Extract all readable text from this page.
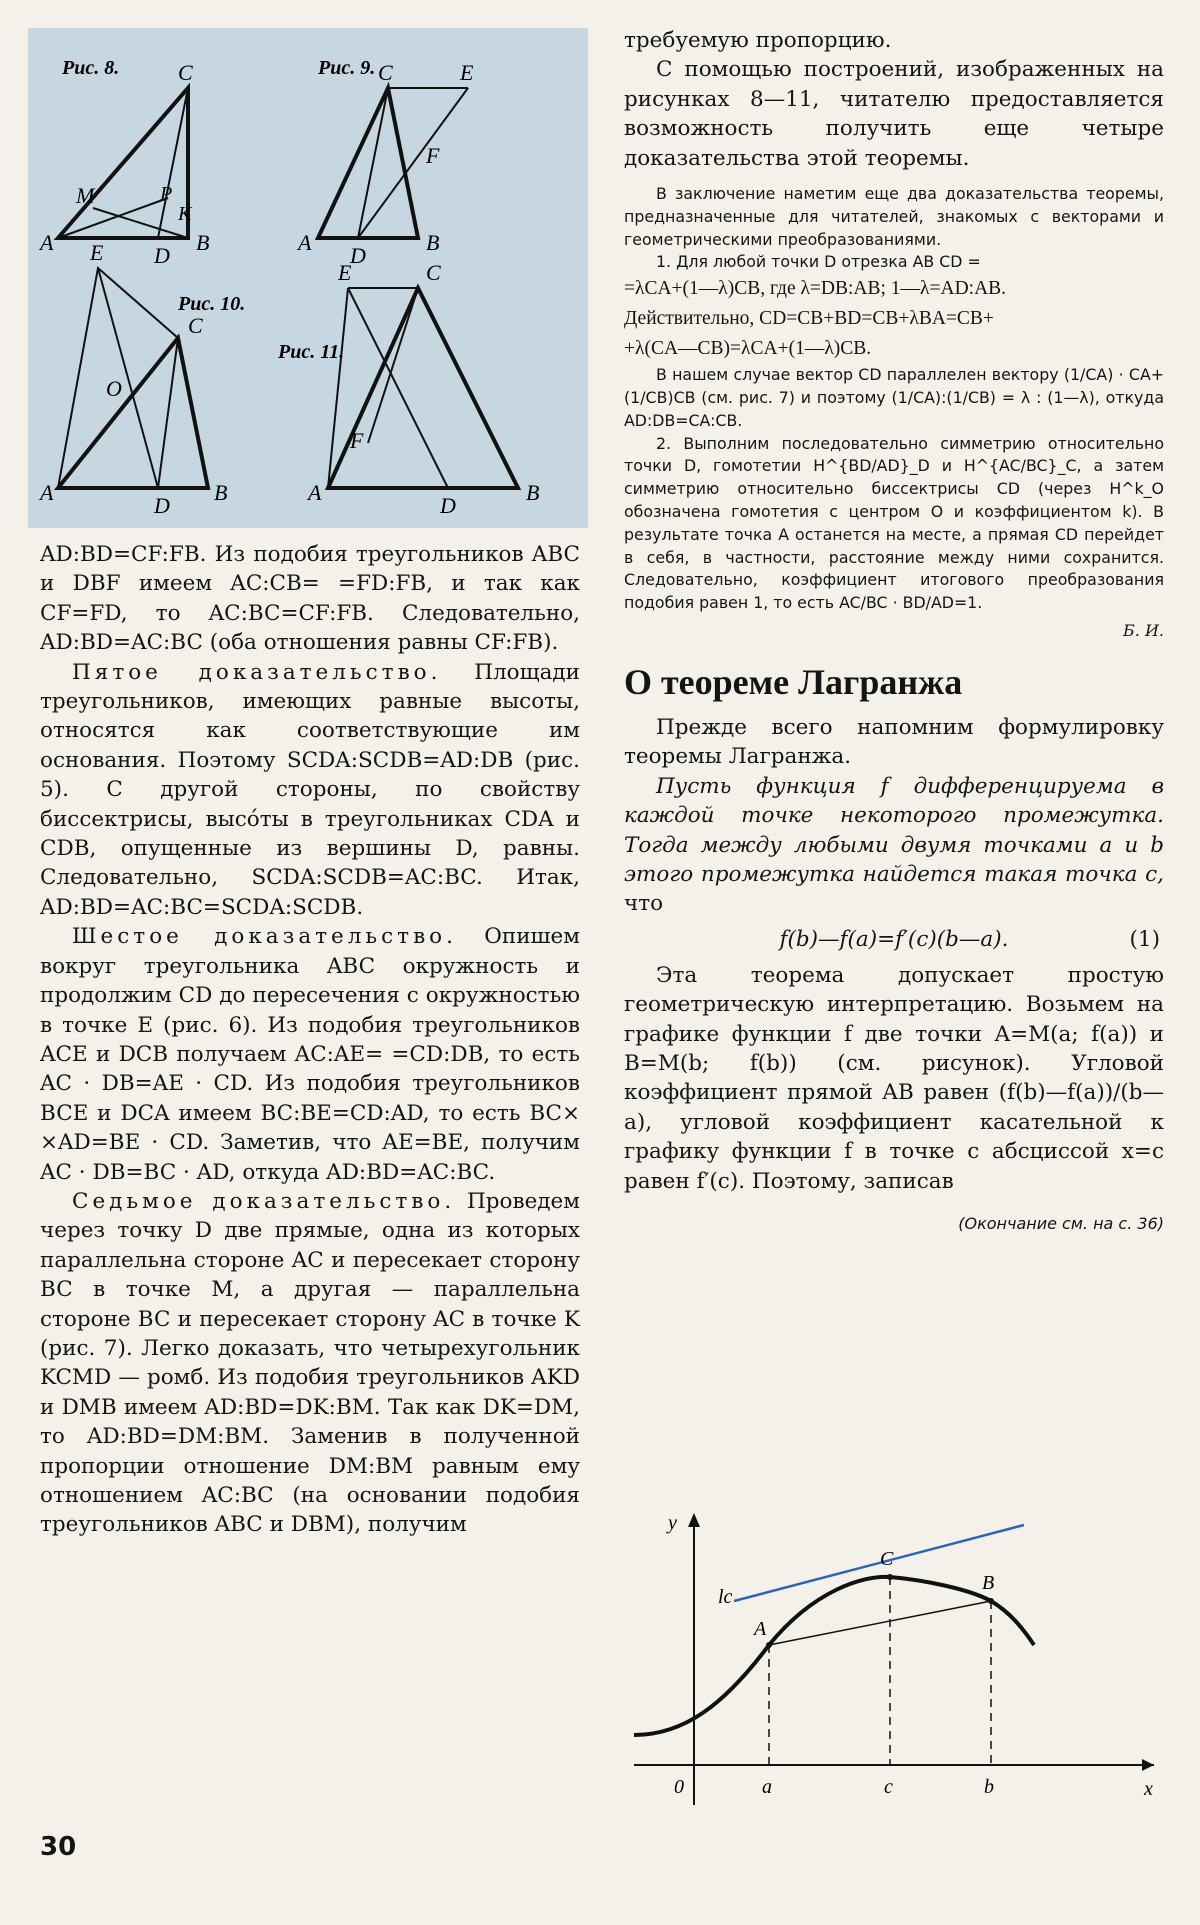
Рис. 8.	Рис. 9.
Рис. 10.
Рис. 11.
C
M	P
K
A
D
B
C	E
F
A
D
B
E
C
O
A
D
B
E	C
F
A
D
B

AD:BD=CF:FB. Из подобия треугольников ABC и DBF имеем AC:CB= =FD:FB, и так как CF=FD, то AC:BC=CF:FB. Следовательно, AD:BD=AC:BC (оба отношения равны CF:FB).

Пятое доказательство. Площади треугольников, имеющих равные высоты, относятся как соответствующие им основания. Поэтому SCDA:SCDB=AD:DB (рис. 5). С другой стороны, по свойству биссектрисы, высо́ты в треугольниках CDA и CDB, опущенные из вершины D, равны. Следовательно, SCDA:SCDB=AC:BC. Итак, AD:BD=AC:BC=SCDA:SCDB.

Шестое доказательство. Опишем вокруг треугольника ABC окружность и продолжим CD до пересечения с окружностью в точке E (рис. 6). Из подобия треугольников ACE и DCB получаем AC:AE= =CD:DB, то есть AC · DB=AE · CD. Из подобия треугольников BCE и DCA имеем BC:BE=CD:AD, то есть BC× ×AD=BE · CD. Заметив, что AE=BE, получим AC · DB=BC · AD, откуда AD:BD=AC:BC.

Седьмое доказательство. Проведем через точку D две прямые, одна из которых параллельна стороне AC и пересекает сторону BC в точке M, а другая — параллельна стороне BC и пересекает сторону AC в точке K (рис. 7). Легко доказать, что четырехугольник KCMD — ромб. Из подобия треугольников AKD и DMB имеем AD:BD=DK:BM. Так как DK=DM, то AD:BD=DM:BM. Заменив в полученной пропорции отношение DM:BM равным ему отношением AC:BC (на основании подобия треугольников ABC и DBM), получим

требуемую пропорцию.

С помощью построений, изображенных на рисунках 8—11, читателю предоставляется возможность получить еще четыре доказательства этой теоремы.

В заключение наметим еще два доказательства теоремы, предназначенные для читателей, знакомых с векторами и геометрическими преобразованиями.

1. Для любой точки D отрезка AB CD =

=λCA+(1—λ)CB, где λ=DB:AB; 1—λ=AD:AB.

Действительно, CD=CB+BD=CB+λBA=CB+

+λ(CA—CB)=λCA+(1—λ)CB.

В нашем случае вектор CD параллелен вектору (1/CA) · CA+(1/CB)CB (см. рис. 7) и поэтому (1/CA):(1/CB) = λ : (1—λ), откуда AD:DB=CA:CB.

2. Выполним последовательно симметрию относительно точки D, гомотетии H^{BD/AD}_D и H^{AC/BC}_C, а затем симметрию относительно биссектрисы CD (через H^k_O обозначена гомотетия с центром O и коэффициентом k). В результате точка A останется на месте, а прямая CD перейдет в себя, в частности, расстояние между ними сохранится. Следовательно, коэффициент итогового преобразования подобия равен 1, то есть AC/BC · BD/AD=1.

Б. И.

О теореме Лагранжа

Прежде всего напомним формулировку теоремы Лагранжа.

Пусть функция f дифференцируема в каждой точке некоторого промежутка. Тогда между любыми двумя точками a и b этого промежутка найдется такая точка c, что

f(b)—f(a)=f′(c)(b—a).	(1)

Эта теорема допускает простую геометрическую интерпретацию. Возьмем на графике функции f две точки A=M(a; f(a)) и B=M(b; f(b)) (см. рисунок). Угловой коэффициент прямой AB равен (f(b)—f(a))/(b—a), угловой коэффициент касательной к графику функции f в точке с абсциссой x=c равен f′(c). Поэтому, записав

(Окончание см. на с. 36)

y
x
0	a	c	b
A
C
B
lc
30
